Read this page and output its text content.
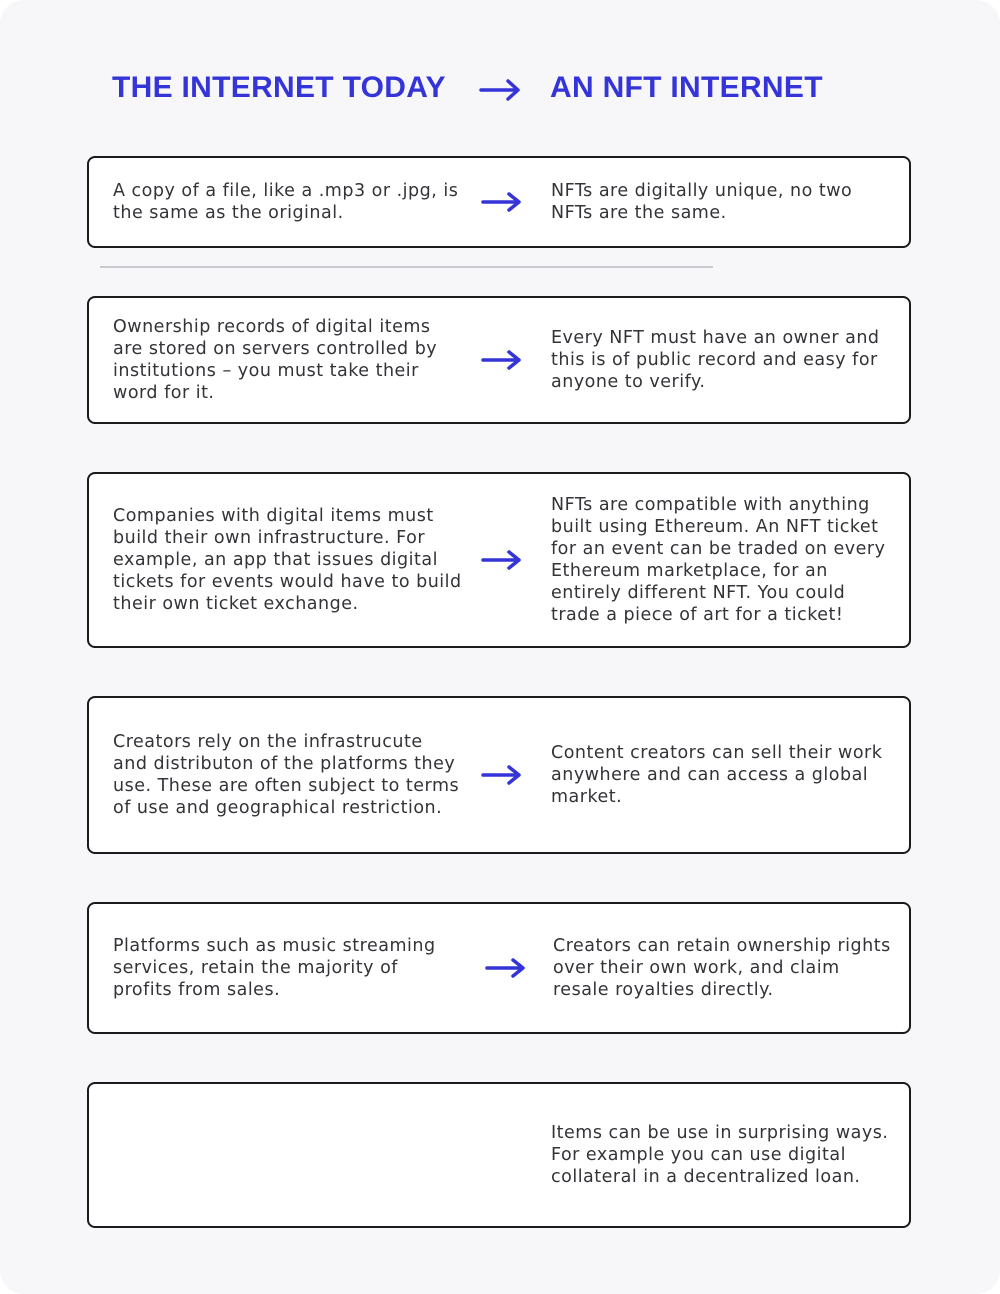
THE INTERNET TODAY	AN NFT INTERNET
A copy of a file, like a .mp3 or .jpg, is the same as the original.
NFTs are digitally unique, no two NFTs are the same.
Ownership records of digital items are stored on servers controlled by institutions – you must take their word for it.
Every NFT must have an owner and this is of public record and easy for anyone to verify.
Companies with digital items must build their own infrastructure. For example, an app that issues digital tickets for events would have to build their own ticket exchange.
NFTs are compatible with anything built using Ethereum. An NFT ticket for an event can be traded on every Ethereum marketplace, for an entirely different NFT. You could trade a piece of art for a ticket!
Creators rely on the infrastrucute and distributon of the platforms they use. These are often subject to terms of use and geographical restriction.
Content creators can sell their work anywhere and can access a global market.
Platforms such as music streaming services, retain the majority of profits from sales.
Creators can retain ownership rights over their own work, and claim resale royalties directly.
Items can be use in surprising ways. For example you can use digital collateral in a decentralized loan.
